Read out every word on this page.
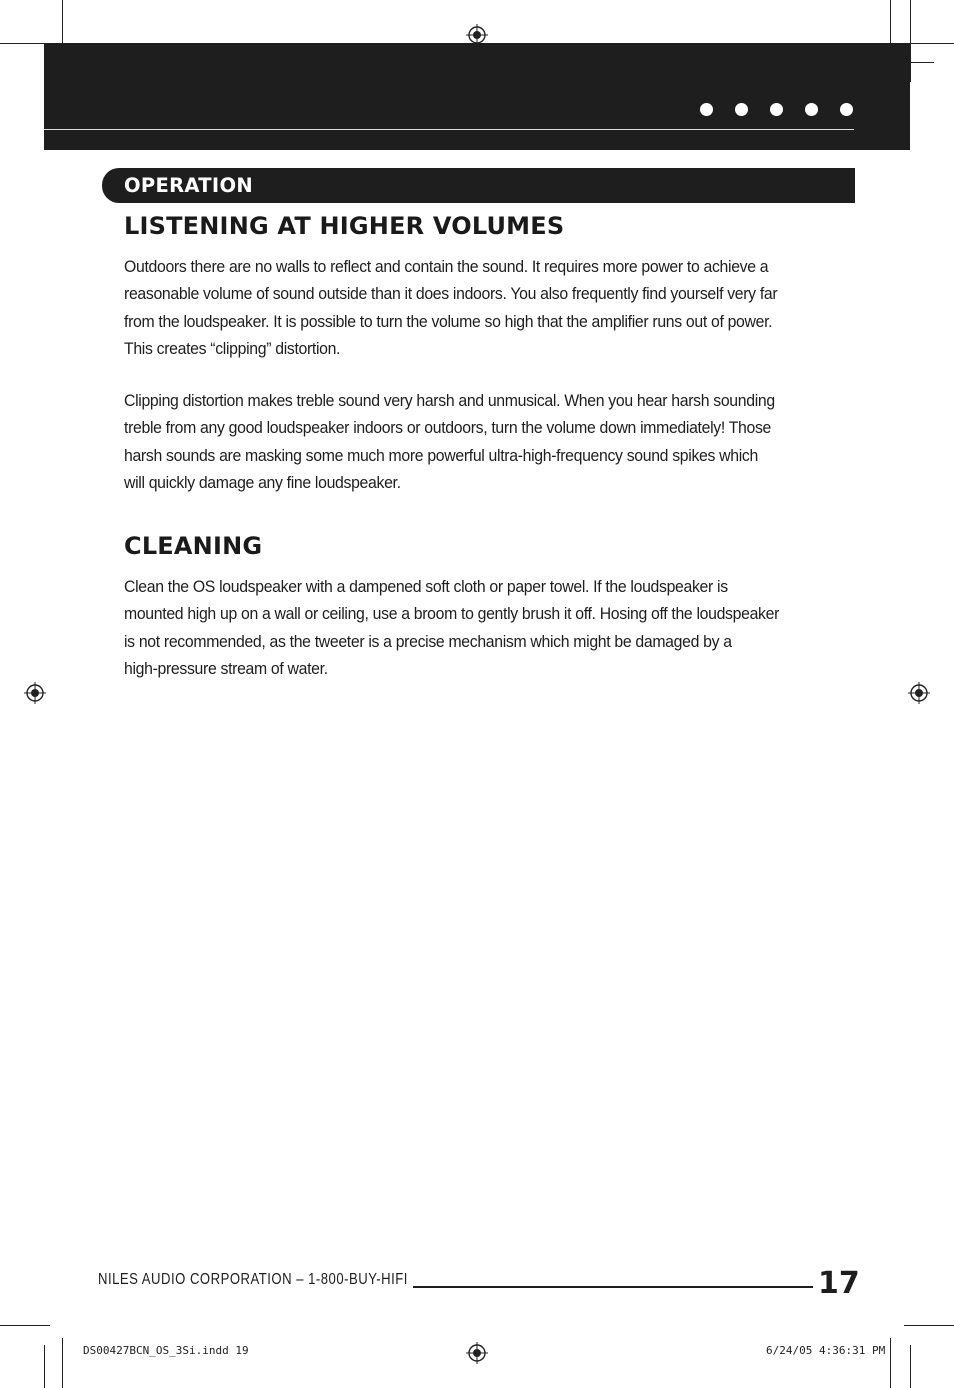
OPERATION
LISTENING AT HIGHER VOLUMES

Outdoors there are no walls to reflect and contain the sound. It requires more power to achieve a
reasonable volume of sound outside than it does indoors. You also frequently find yourself very far
from the loudspeaker. It is possible to turn the volume so high that the amplifier runs out of power.
This creates “clipping” distortion.

Clipping distortion makes treble sound very harsh and unmusical. When you hear harsh sounding
treble from any good loudspeaker indoors or outdoors, turn the volume down immediately! Those
harsh sounds are masking some much more powerful ultra-high-frequency sound spikes which
will quickly damage any fine loudspeaker.

CLEANING

Clean the OS loudspeaker with a dampened soft cloth or paper towel. If the loudspeaker is
mounted high up on a wall or ceiling, use a broom to gently brush it off. Hosing off the loudspeaker
is not recommended, as the tweeter is a precise mechanism which might be damaged by a
high-pressure stream of water.

NILES AUDIO CORPORATION – 1-800-BUY-HIFI	17
DS00427BCN_OS_3Si.indd 19	6/24/05 4:36:31 PM
